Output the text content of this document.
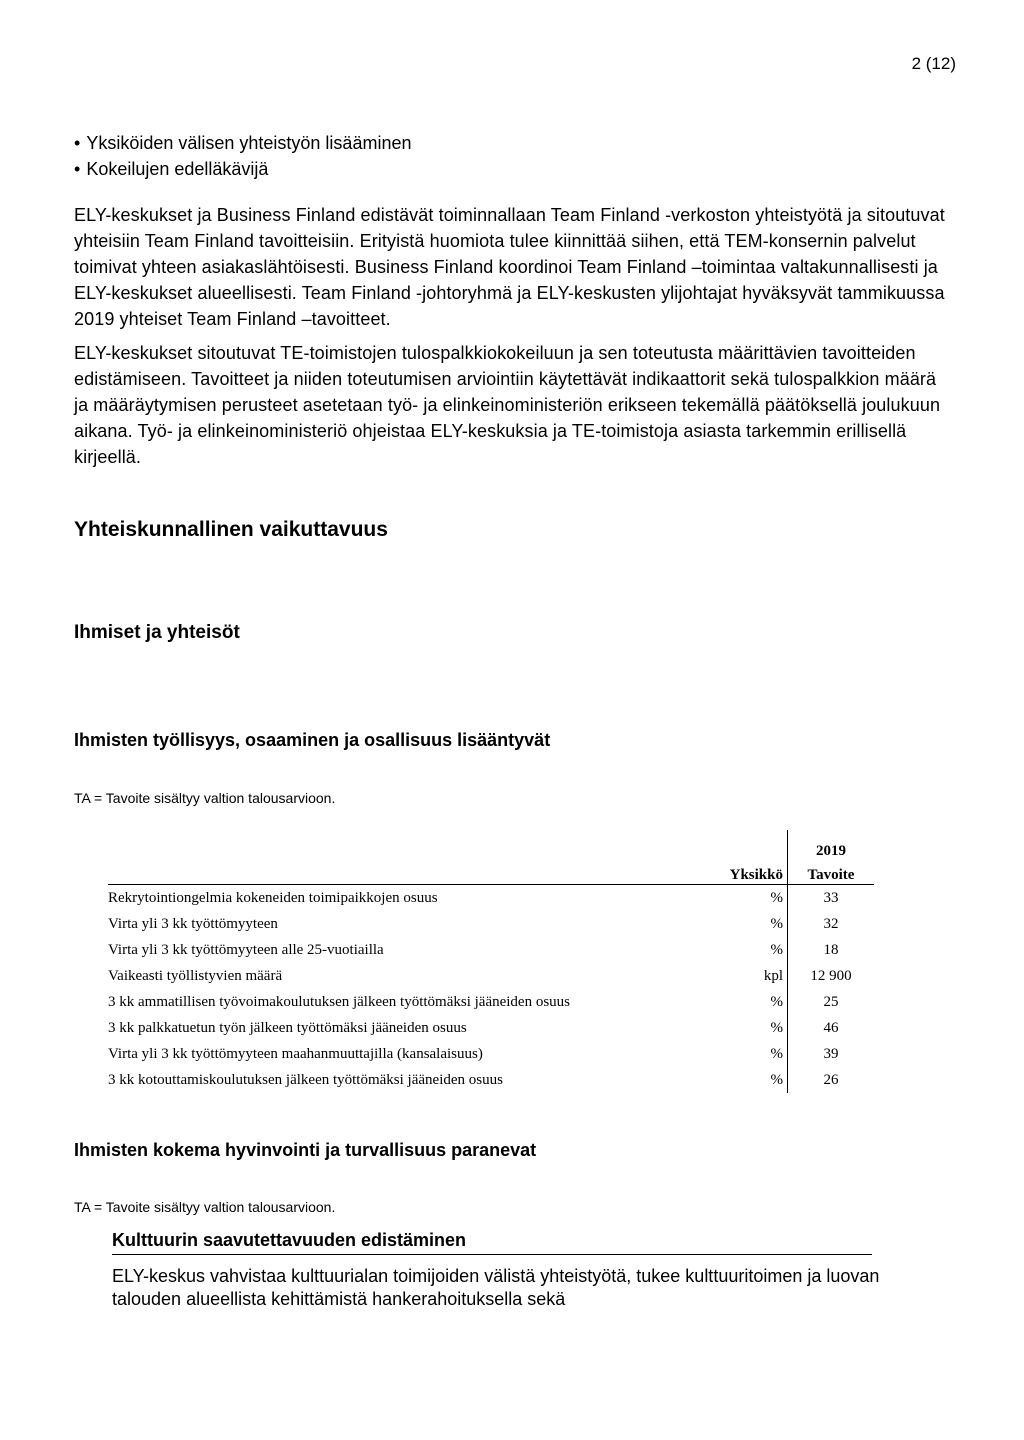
2 (12)
• Yksiköiden välisen yhteistyön lisääminen
• Kokeilujen edelläkävijä

ELY-keskukset ja Business Finland edistävät toiminnallaan Team Finland -verkoston yhteistyötä ja sitoutuvat yhteisiin Team Finland tavoitteisiin. Erityistä huomiota tulee kiinnittää siihen, että TEM-konsernin palvelut toimivat yhteen asiakaslähtöisesti. Business Finland koordinoi Team Finland –toimintaa valtakunnallisesti ja ELY-keskukset alueellisesti. Team Finland -johtoryhmä ja ELY-keskusten ylijohtajat hyväksyvät tammikuussa 2019 yhteiset Team Finland –tavoitteet.

ELY-keskukset sitoutuvat TE-toimistojen tulospalkkiokokeiluun ja sen toteutusta määrittävien tavoitteiden edistämiseen. Tavoitteet ja niiden toteutumisen arviointiin käytettävät indikaattorit sekä tulospalkkion määrä ja määräytymisen perusteet asetetaan työ- ja elinkeinoministeriön erikseen tekemällä päätöksellä joulukuun aikana. Työ- ja elinkeinoministeriö ohjeistaa ELY-keskuksia ja TE-toimistoja asiasta tarkemmin erillisellä kirjeellä.

Yhteiskunnallinen vaikuttavuus
Ihmiset ja yhteisöt
Ihmisten työllisyys, osaaminen ja osallisuus lisääntyvät

TA = Tavoite sisältyy valtion talousarvioon.

		2019
	Yksikkö	Tavoite
Rekrytointiongelmia kokeneiden toimipaikkojen osuus	%	33
Virta yli 3 kk työttömyyteen	%	32
Virta yli 3 kk työttömyyteen alle 25-vuotiailla	%	18
Vaikeasti työllistyvien määrä	kpl	12 900
3 kk ammatillisen työvoimakoulutuksen jälkeen työttömäksi jääneiden osuus	%	25
3 kk palkkatuetun työn jälkeen työttömäksi jääneiden osuus	%	46
Virta yli 3 kk työttömyyteen maahanmuuttajilla (kansalaisuus)	%	39
3 kk kotouttamiskoulutuksen jälkeen työttömäksi jääneiden osuus	%	26
Ihmisten kokema hyvinvointi ja turvallisuus paranevat

TA = Tavoite sisältyy valtion talousarvioon.

Kulttuurin saavutettavuuden edistäminen

ELY-keskus vahvistaa kulttuurialan toimijoiden välistä yhteistyötä, tukee kulttuuritoimen ja luovan talouden alueellista kehittämistä hankerahoituksella sekä
